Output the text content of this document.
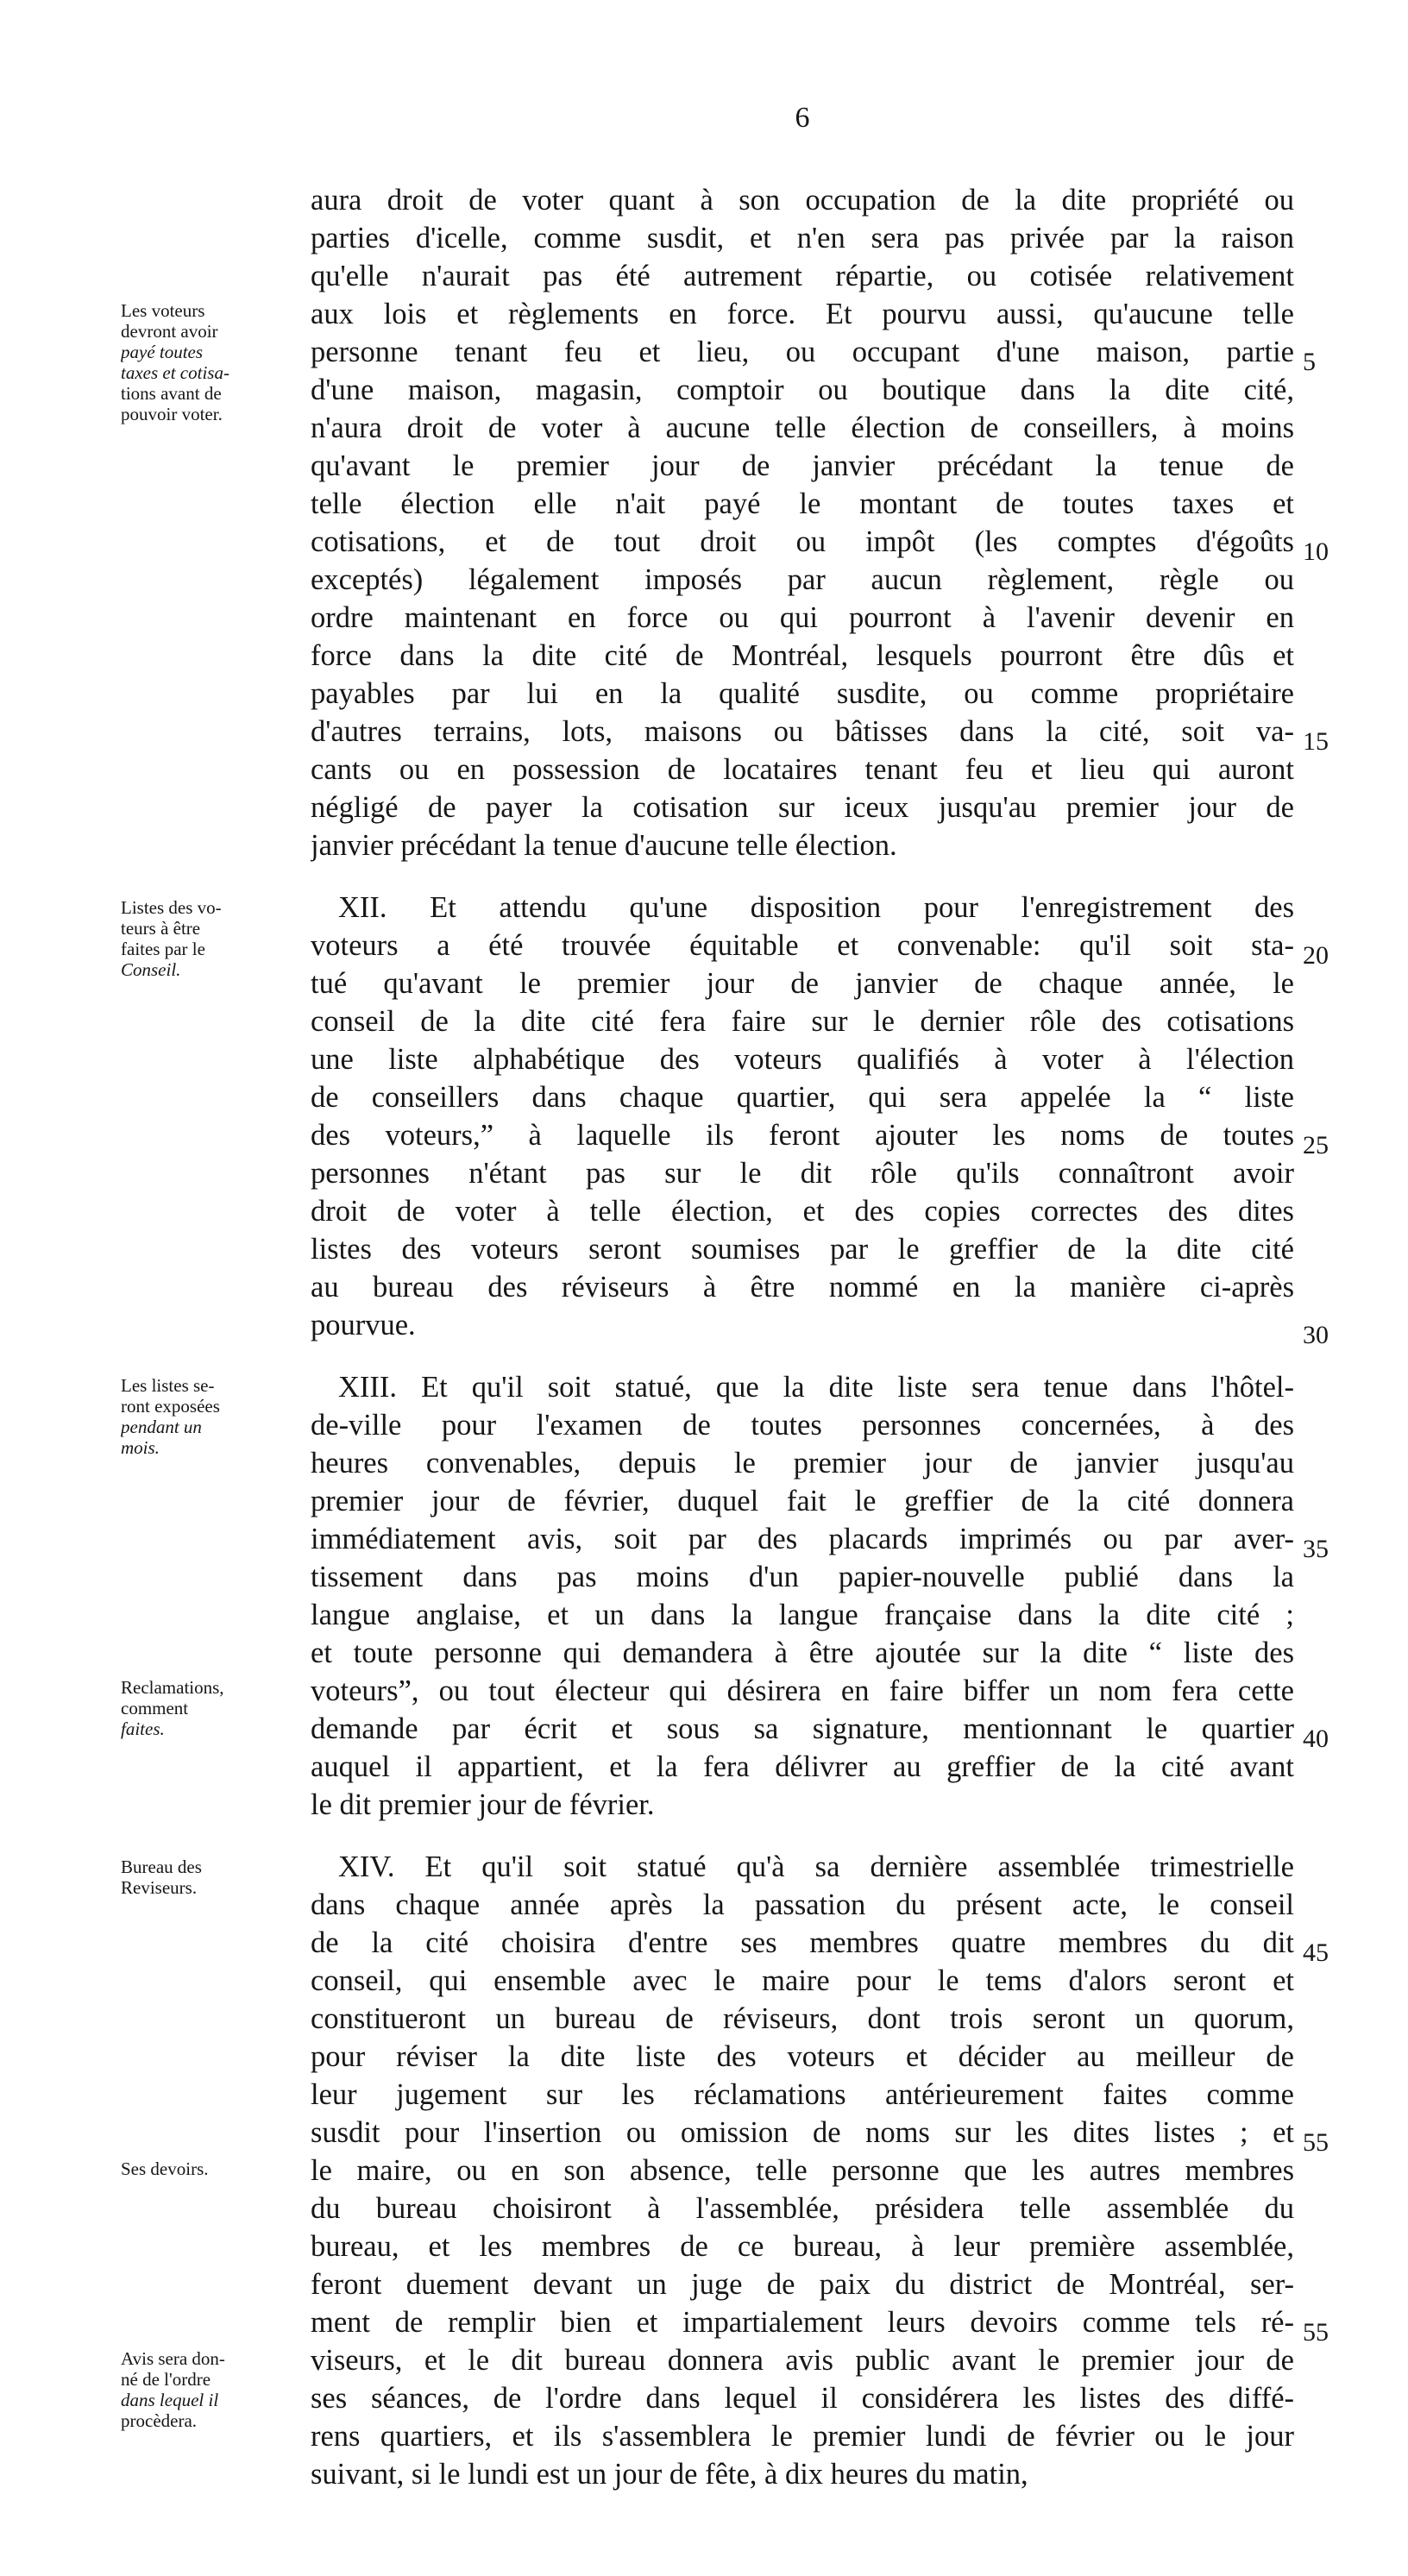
6
aura droit de voter quant à son occupation de la dite propriété ou
parties d'icelle, comme susdit, et n'en sera pas privée par la raison
qu'elle n'aurait pas été autrement répartie, ou cotisée relativement
aux lois et règlements en force. Et pourvu aussi, qu'aucune telle
personne tenant feu et lieu, ou occupant d'une maison, partie
d'une maison, magasin, comptoir ou boutique dans la dite cité,
n'aura droit de voter à aucune telle élection de conseillers, à moins
qu'avant le premier jour de janvier précédant la tenue de
telle élection elle n'ait payé le montant de toutes taxes et
cotisations, et de tout droit ou impôt (les comptes d'égoûts
exceptés) légalement imposés par aucun règlement, règle ou
ordre maintenant en force ou qui pourront à l'avenir devenir en
force dans la dite cité de Montréal, lesquels pourront être dûs et
payables par lui en la qualité susdite, ou comme propriétaire
d'autres terrains, lots, maisons ou bâtisses dans la cité, soit va-
cants ou en possession de locataires tenant feu et lieu qui auront
négligé de payer la cotisation sur iceux jusqu'au premier jour de
janvier précédant la tenue d'aucune telle élection.
XII. Et attendu qu'une disposition pour l'enregistrement des
voteurs a été trouvée équitable et convenable: qu'il soit sta-
tué qu'avant le premier jour de janvier de chaque année, le
conseil de la dite cité fera faire sur le dernier rôle des cotisations
une liste alphabétique des voteurs qualifiés à voter à l'élection
de conseillers dans chaque quartier, qui sera appelée la “ liste
des voteurs,” à laquelle ils feront ajouter les noms de toutes
personnes n'étant pas sur le dit rôle qu'ils connaîtront avoir
droit de voter à telle élection, et des copies correctes des dites
listes des voteurs seront soumises par le greffier de la dite cité
au bureau des réviseurs à être nommé en la manière ci-après
pourvue.
XIII. Et qu'il soit statué, que la dite liste sera tenue dans l'hôtel-
de-ville pour l'examen de toutes personnes concernées, à des
heures convenables, depuis le premier jour de janvier jusqu'au
premier jour de février, duquel fait le greffier de la cité donnera
immédiatement avis, soit par des placards imprimés ou par aver-
tissement dans pas moins d'un papier-nouvelle publié dans la
langue anglaise, et un dans la langue française dans la dite cité ;
et toute personne qui demandera à être ajoutée sur la dite “ liste des
voteurs”, ou tout électeur qui désirera en faire biffer un nom fera cette
demande par écrit et sous sa signature, mentionnant le quartier
auquel il appartient, et la fera délivrer au greffier de la cité avant
le dit premier jour de février.
XIV. Et qu'il soit statué qu'à sa dernière assemblée trimestrielle
dans chaque année après la passation du présent acte, le conseil
de la cité choisira d'entre ses membres quatre membres du dit
conseil, qui ensemble avec le maire pour le tems d'alors seront et
constitueront un bureau de réviseurs, dont trois seront un quorum,
pour réviser la dite liste des voteurs et décider au meilleur de
leur jugement sur les réclamations antérieurement faites comme
susdit pour l'insertion ou omission de noms sur les dites listes ; et
le maire, ou en son absence, telle personne que les autres membres
du bureau choisiront à l'assemblée, présidera telle assemblée du
bureau, et les membres de ce bureau, à leur première assemblée,
feront duement devant un juge de paix du district de Montréal, ser-
ment de remplir bien et impartialement leurs devoirs comme tels ré-
viseurs, et le dit bureau donnera avis public avant le premier jour de
ses séances, de l'ordre dans lequel il considérera les listes des diffé-
rens quartiers, et ils s'assemblera le premier lundi de février ou le jour
suivant, si le lundi est un jour de fête, à dix heures du matin,
Les voteurs
devront avoir
payé toutes
taxes et cotisa-
tions avant de
pouvoir voter.
Listes des vo-
teurs à être
faites par le
Conseil.
Les listes se-
ront exposées
pendant un
mois.
Reclamations,
comment
faites.
Bureau des
Reviseurs.
Ses devoirs.
Avis sera don-
né de l'ordre
dans lequel il
procèdera.
5
10
15
20
25
30
35
40
45
55
55
